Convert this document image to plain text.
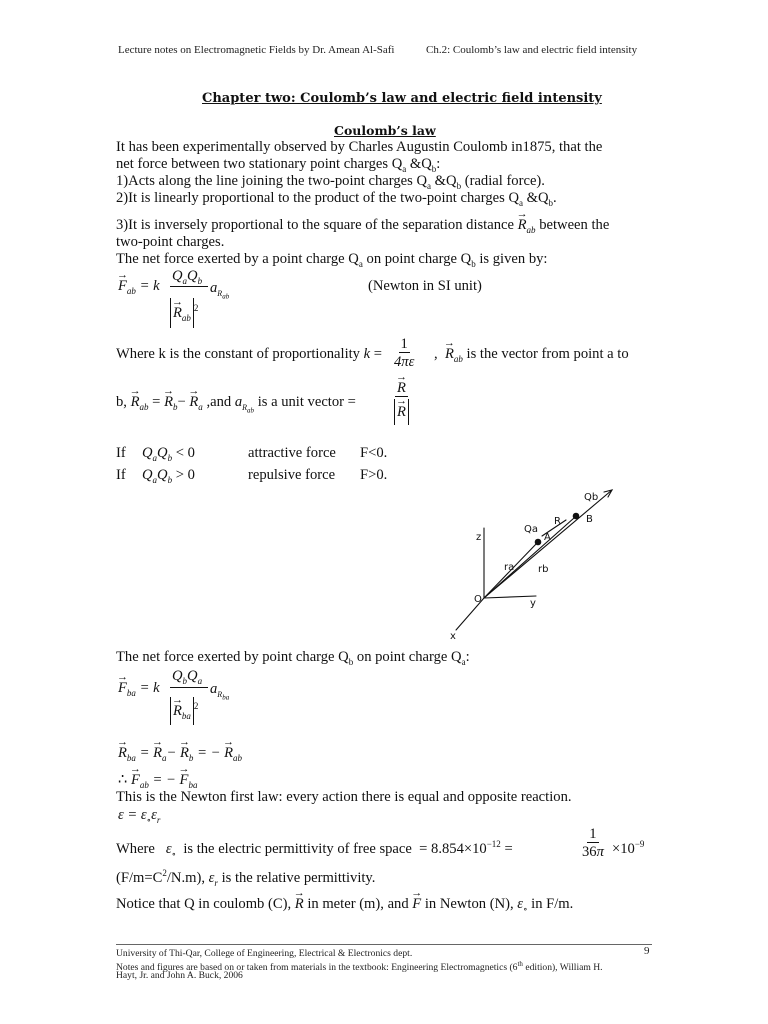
Lecture notes on Electromagnetic Fields by Dr. Amean Al-Safi	Ch.2: Coulomb’s law and electric field intensity
Chapter two: Coulomb’s law and electric field intensity
Coulomb’s law
It has been experimentally observed by Charles Augustin Coulomb in1875, that the
net force between two stationary point charges $Q_a$ $\&Q_b$:
1)Acts along the line joining the two-point charges $Q_a$ $\&Q_b$ (radial force).
2)It is linearly proportional to the product of the two-point charges $Q_a$ $\&Q_b$.
3)It is inversely proportional to the square of the separation distance → $R_{ab}$ between the
two-point charges.
The net force exerted by a point charge $Q_a$ on point charge $Q_b$ is given by:
→ $F_{ab} = k$
$Q_aQ_b$ $a_{R_{ab}}$
→ $R_{ab}^2$
(Newton in SI unit)
Where k is the constant of proportionality $k = \frac{1}{4\pi\varepsilon}$ ,  → $R_{ab}$ is the vector from point a to
b, → $R_{ab}$ = → $R_b- \to R_a$ ,and $a_{R_{ab}}$ is a unit vector = → R
→ R
If $Q_aQ_b < 0$	attractive force F<0.
If $Q_aQ_b > 0$	repulsive force F>0.
Qb
Qa
B
z
y
x
O
rb
ra
R
A
The net force exerted by point charge $Q_b$ on point charge $Q_a$:
→ $F_{ba} = k$
$Q_bQ_a$
$a_{R_{ba}}$
→ $R_{ba}^2$
→ $R_{ba}$ = → $R_a- \to R_b$ = − → $R_{ab}$
∴ → $F_{ab}$ = − → $F_{ba}$
This is the Newton first law: every action there is equal and opposite reaction.
$\varepsilon = \varepsilon_\circ\varepsilon_r$
Where $\varepsilon_\circ$ is the electric permittivity of free space = $8.854\times 10^{-12}$ =	$\frac{1}{36\pi} \times 10^{-9}$
$(F/m=C^2/N.m)$, $\varepsilon_r$ is the relative permittivity.
Notice that Q in coulomb (C), → R in meter (m), and → F in Newton (N), $\varepsilon_\circ$ in F/m.
University of Thi-Qar, College of Engineering, Electrical & Electronics dept.	9
Notes and figures are based on or taken from materials in the textbook: Engineering Electromagnetics (6th edition), William H.
Hayt, Jr. and John A. Buck, 2006
